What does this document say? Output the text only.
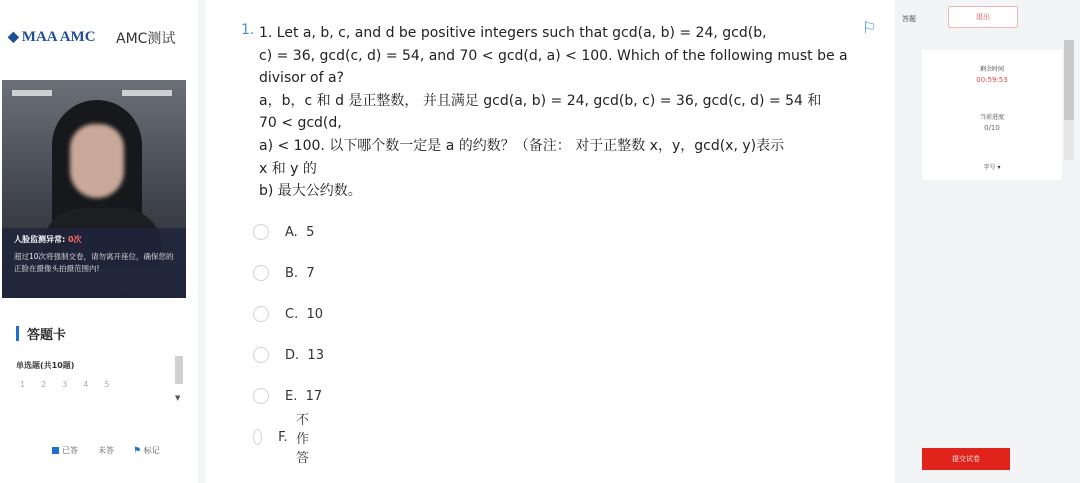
◆ MAA AMC AMC测试
人脸监测异常: 0次
超过10次将强制交卷，请勿离开座位，确保您的正脸在摄像头拍摄范围内!
答题卡
单选题(共10题)
1 2 3 4 5
▼
已答	未答 ⚑ 标记
1. 1. Let a, b, c, and d be positive integers such that gcd(a, b) = 24, gcd(b,
c) = 36, gcd(c, d) = 54, and 70 < gcd(d, a) < 100. Which of the following must be a
divisor of a?
a，b，c 和 d 是正整数， 并且满足 gcd(a, b) = 24, gcd(b, c) = 36, gcd(c, d) = 54 和
70 < gcd(d,
a) < 100. 以下哪个数一定是 a 的约数？（备注： 对于正整数 x，y，gcd(x, y)表示
x 和 y 的
b) 最大公约数。
⚐
A.
5
B.
7
C.
10
D.
13
E.
17
F.

不作答
答题	退出
剩余时间
00:59:53
当前进度
0/10
字号 ▾
提交试卷
